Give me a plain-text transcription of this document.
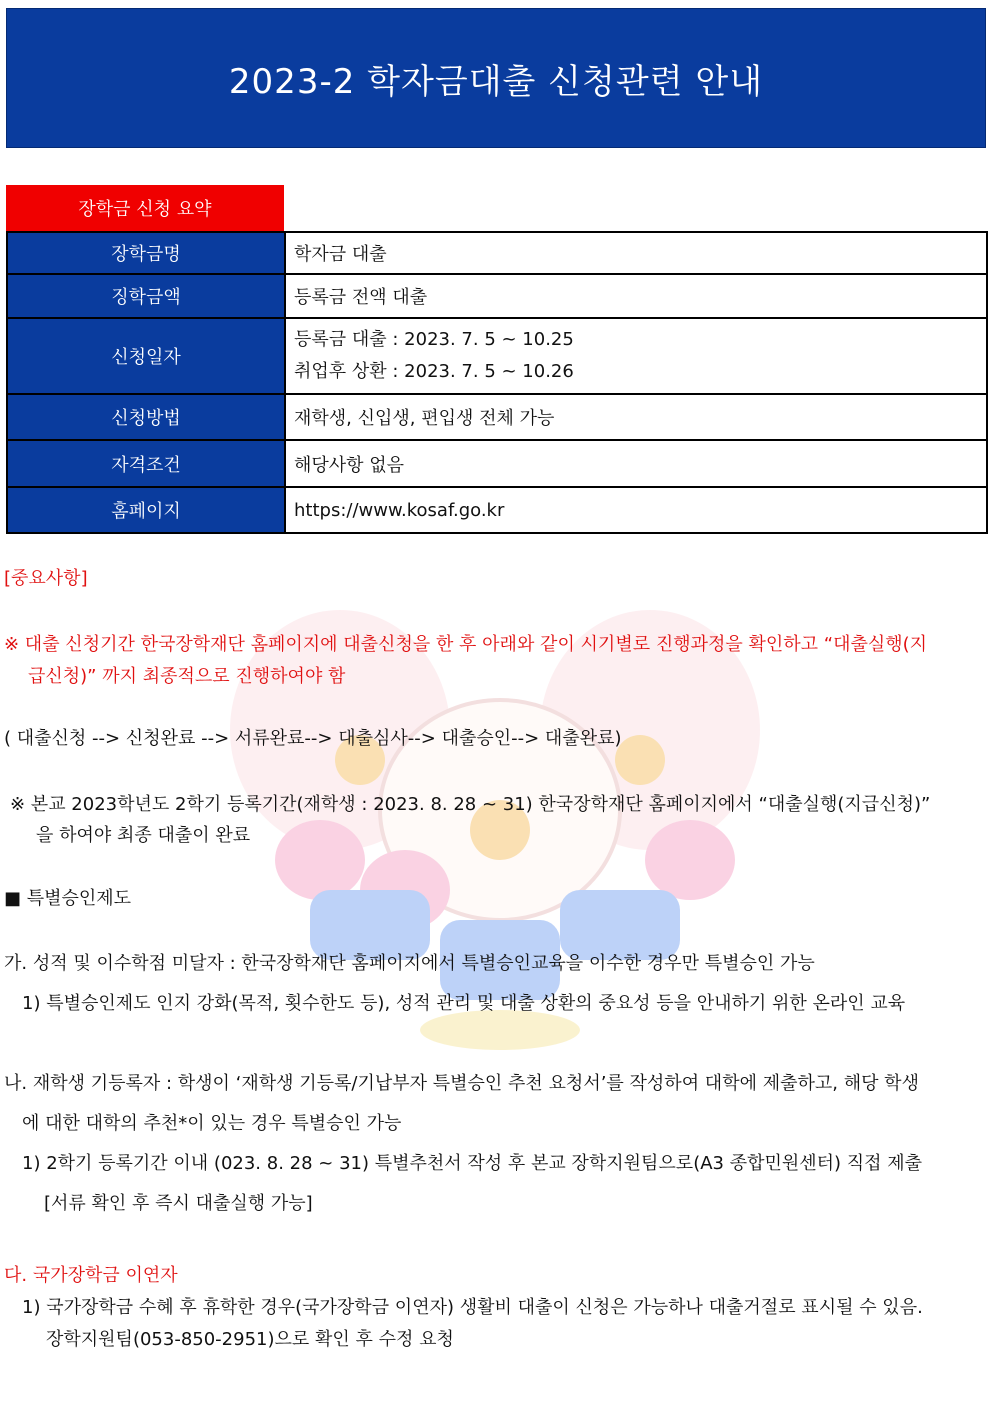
2023-2 학자금대출 신청관련 안내
장학금 신청 요약
장학금명	학자금 대출
징학금액	등록금 전액 대출
신청일자	등록금 대출 : 2023. 7. 5 ~ 10.25
취업후 상환 : 2023. 7. 5 ~ 10.26

신청방법	재학생, 신입생, 편입생 전체 가능
자격조건	해당사항 없음
홈페이지	https://www.kosaf.go.kr
[중요사항]
※ 대출 신청기간 한국장학재단 홈페이지에 대출신청을 한 후 아래와 같이 시기별로 진행과정을 확인하고 “대출실행(지
급신청)” 까지 최종적으로 진행하여야 함
( 대출신청 --> 신청완료 --> 서류완료--> 대출심사--> 대출승인--> 대출완료)
※ 본교 2023학년도 2학기 등록기간(재학생 : 2023. 8. 28 ~ 31) 한국장학재단 홈페이지에서 “대출실행(지급신청)”
을 하여야 최종 대출이 완료
■ 특별승인제도
가. 성적 및 이수학점 미달자 : 한국장학재단 홈페이지에서 특별승인교육을 이수한 경우만 특별승인 가능
1) 특별승인제도 인지 강화(목적, 횟수한도 등), 성적 관리 및 대출 상환의 중요성 등을 안내하기 위한 온라인 교육
나. 재학생 기등록자 : 학생이 ‘재학생 기등록/기납부자 특별승인 추천 요청서’를 작성하여 대학에 제출하고, 해당 학생
에 대한 대학의 추천*이 있는 경우 특별승인 가능
1) 2학기 등록기간 이내 (023. 8. 28 ~ 31) 특별추천서 작성 후 본교 장학지원팀으로(A3 종합민원센터) 직접 제출
[서류 확인 후 즉시 대출실행 가능]
다. 국가장학금 이연자
1) 국가장학금 수혜 후 휴학한 경우(국가장학금 이연자) 생활비 대출이 신청은 가능하나 대출거절로 표시될 수 있음.
장학지원팀(053-850-2951)으로 확인 후 수정 요청
